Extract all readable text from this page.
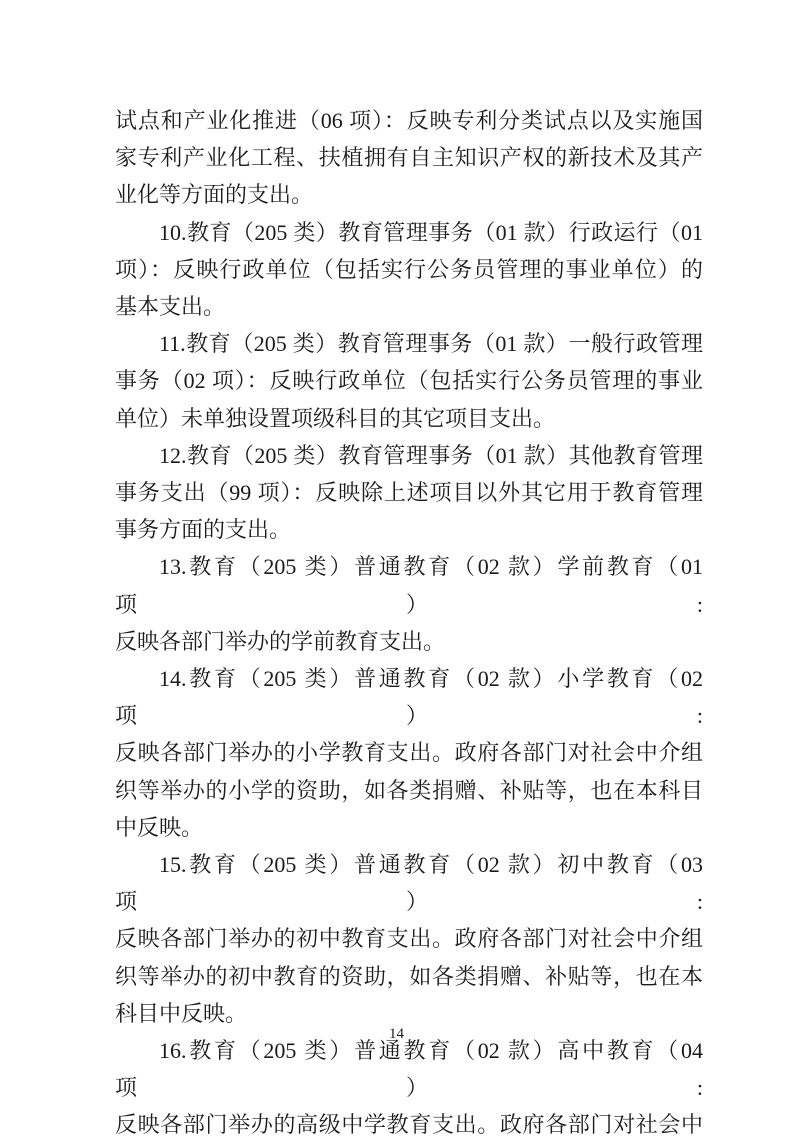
试点和产业化推进（06 项）：反映专利分类试点以及实施国
家专利产业化工程、扶植拥有自主知识产权的新技术及其产
业化等方面的支出。
10.教育（205 类）教育管理事务（01 款）行政运行（01
项）：反映行政单位（包括实行公务员管理的事业单位）的
基本支出。
11.教育（205 类）教育管理事务（01 款）一般行政管理
事务（02 项）：反映行政单位（包括实行公务员管理的事业
单位）未单独设置项级科目的其它项目支出。
12.教育（205 类）教育管理事务（01 款）其他教育管理
事务支出（99 项）：反映除上述项目以外其它用于教育管理
事务方面的支出。
13.教育（205 类）普通教育（02 款）学前教育（01 项）:
反映各部门举办的学前教育支出。
14.教育（205 类）普通教育（02 款）小学教育（02 项）:
反映各部门举办的小学教育支出。政府各部门对社会中介组
织等举办的小学的资助，如各类捐赠、补贴等，也在本科目
中反映。
15.教育（205 类）普通教育（02 款）初中教育（03 项）:
反映各部门举办的初中教育支出。政府各部门对社会中介组
织等举办的初中教育的资助，如各类捐赠、补贴等，也在本
科目中反映。
16.教育（205 类）普通教育（02 款）高中教育（04 项）:
反映各部门举办的高级中学教育支出。政府各部门对社会中
14
